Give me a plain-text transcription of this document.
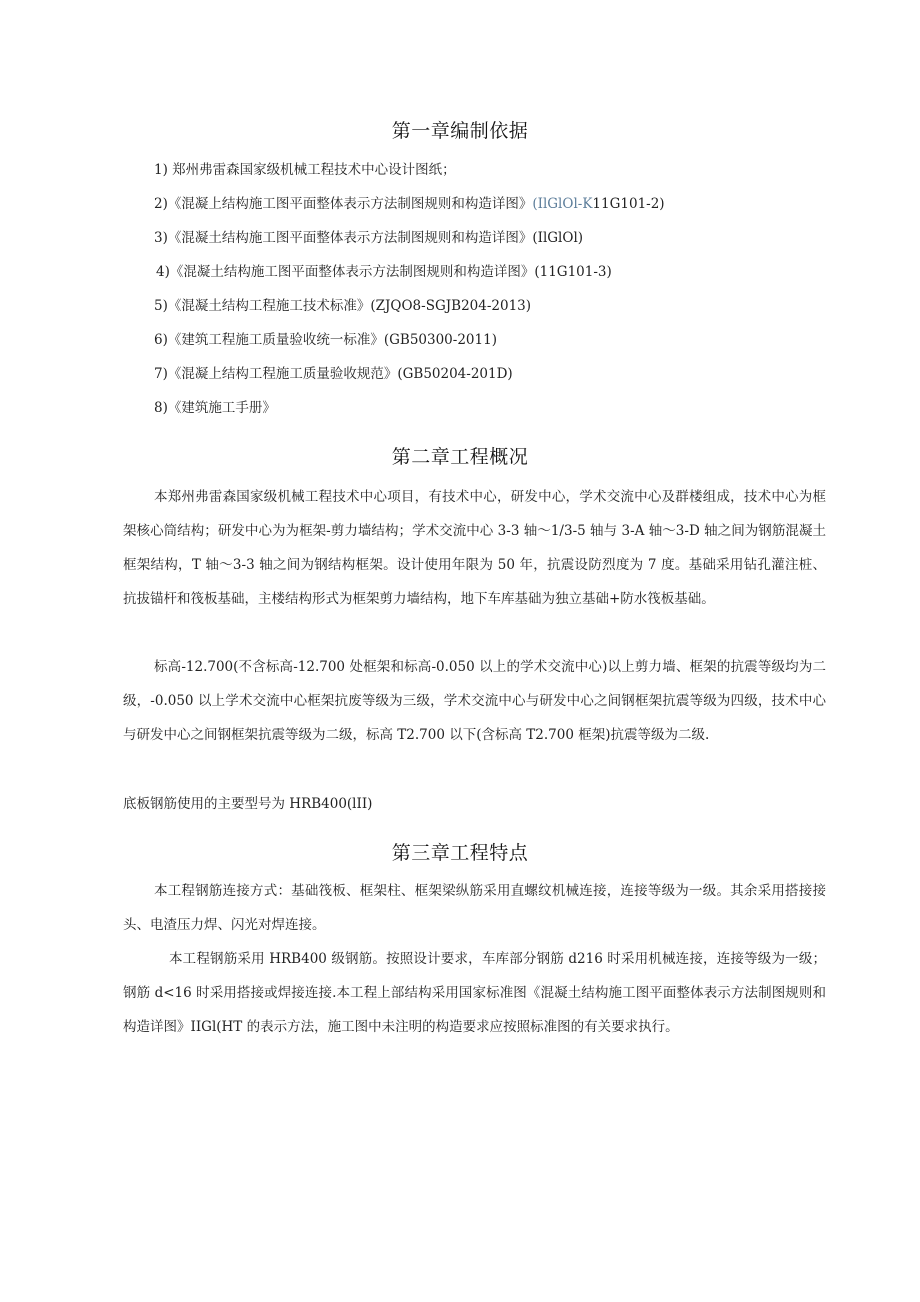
第一章编制依据
1) 郑州弗雷森国家级机械工程技术中心设计图纸；
2)《混凝上结构施工图平面整体表示方法制图规则和构造详图》(IlGlOl-K11G101-2)
3)《混凝土结构施工图平面整体表示方法制图规则和构造详图》(IlGlOl)
4)《混凝土结构施工图平面整体表示方法制图规则和构造详图》(11G101-3)
5)《混凝土结构工程施工技术标准》(ZJQO8-SGJB204-2013)
6)《建筑工程施工质量验收统一标准》(GB50300-2011)
7)《混凝上结构工程施工质量验收规范》(GB50204-201D)
8)《建筑施工手册》
第二章工程概况

本郑州弗雷森国家级机械工程技术中心项目，有技术中心，研发中心，学术交流中心及群楼组成，技术中心为框架核心筒结构；研发中心为为框架-剪力墙结构；学术交流中心 3-3 轴～1/3-5 轴与 3-A 轴～3-D 轴之间为钢筋混凝土框架结构，T 轴～3-3 轴之间为钢结构框架。设计使用年限为 50 年，抗震设防烈度为 7 度。基础采用钻孔灌注桩、抗拔锚杆和筏板基础，主楼结构形式为框架剪力墙结构，地下车库基础为独立基础+防水筏板基础。

标高-12.700(不含标高-12.700 处框架和标高-0.050 以上的学术交流中心)以上剪力墙、框架的抗震等级均为二级，-0.050 以上学术交流中心框架抗废等级为三级，学术交流中心与研发中心之间钢框架抗震等级为四级，技术中心与研发中心之间钢框架抗震等级为二级，标高 T2.700 以下(含标高 T2.700 框架)抗震等级为二级.

底板钢筋使用的主要型号为 HRB400(lII)
第三章工程特点

本工程钢筋连接方式：基础筏板、框架柱、框架梁纵筋采用直螺纹机械连接，连接等级为一级。其余采用搭接接头、电渣压力焊、闪光对焊连接。

本工程钢筋采用 HRB400 级钢筋。按照设计要求，车库部分钢筋 d216 时采用机械连接，连接等级为一级；钢筋 d<16 时采用搭接或焊接连接.本工程上部结构采用国家标准图《混凝土结构施工图平面整体表示方法制图规则和构造详图》IIGl(HT 的表示方法，施工图中未注明的构造要求应按照标准图的有关要求执行。
